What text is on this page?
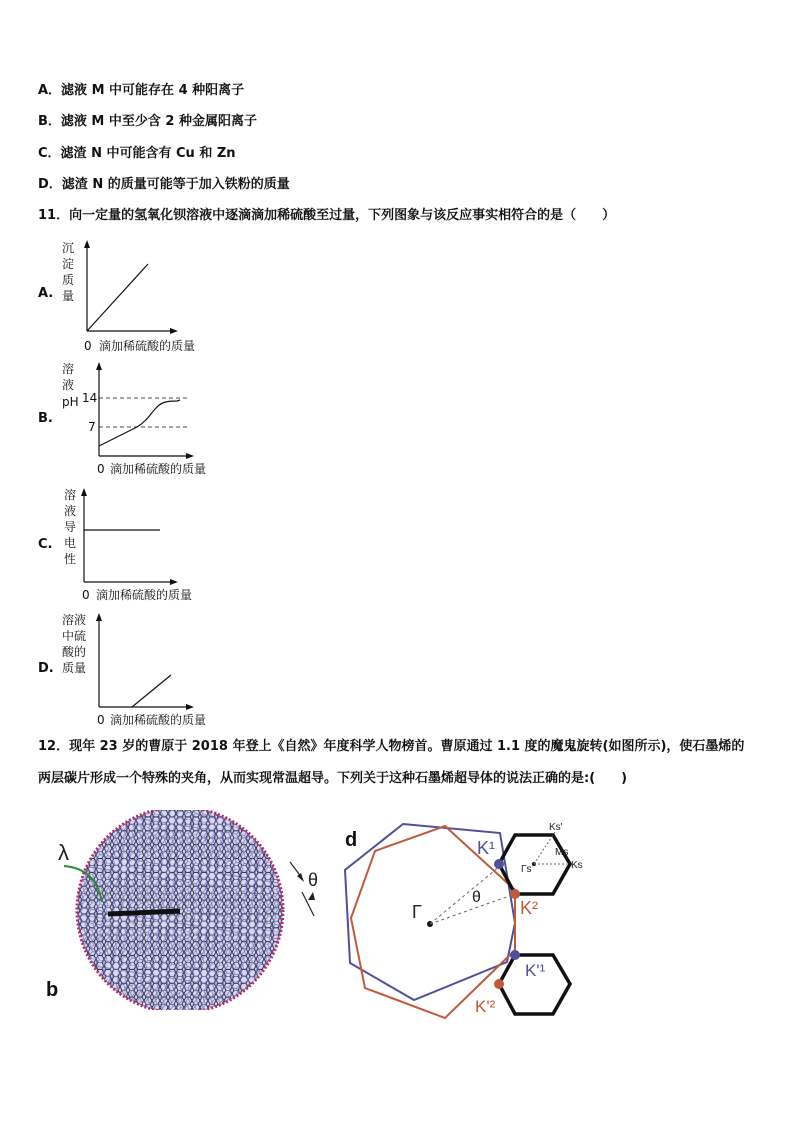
A．滤液 M 中可能存在 4 种阳离子
B．滤液 M 中至少含 2 种金属阳离子
C．滤渣 N 中可能含有 Cu 和 Zn
D．滤渣 N 的质量可能等于加入铁粉的质量
11．向一定量的氢氧化钡溶液中逐滴滴加稀硫酸至过量，下列图象与该反应事实相符合的是（　　）
A.
沉
淀
质
量
0 滴加稀硫酸的质量
B.
溶
液
pH 14
7
0 滴加稀硫酸的质量
C.
溶
液
导
电
性
0 滴加稀硫酸的质量
D.
溶液
中硫
酸的
质量
0 滴加稀硫酸的质量
12．现年 23 岁的曹原于 2018 年登上《自然》年度科学人物榜首。曹原通过 1.1 度的魔鬼旋转(如图所示)，使石墨烯的
两层碳片形成一个特殊的夹角，从而实现常温超导。下列关于这种石墨烯超导体的说法正确的是:(　　)
λ
θ
b
d
Γ
θ
Γs
Ms
Ks
Ks'
K¹
K²
K'¹
K'²
